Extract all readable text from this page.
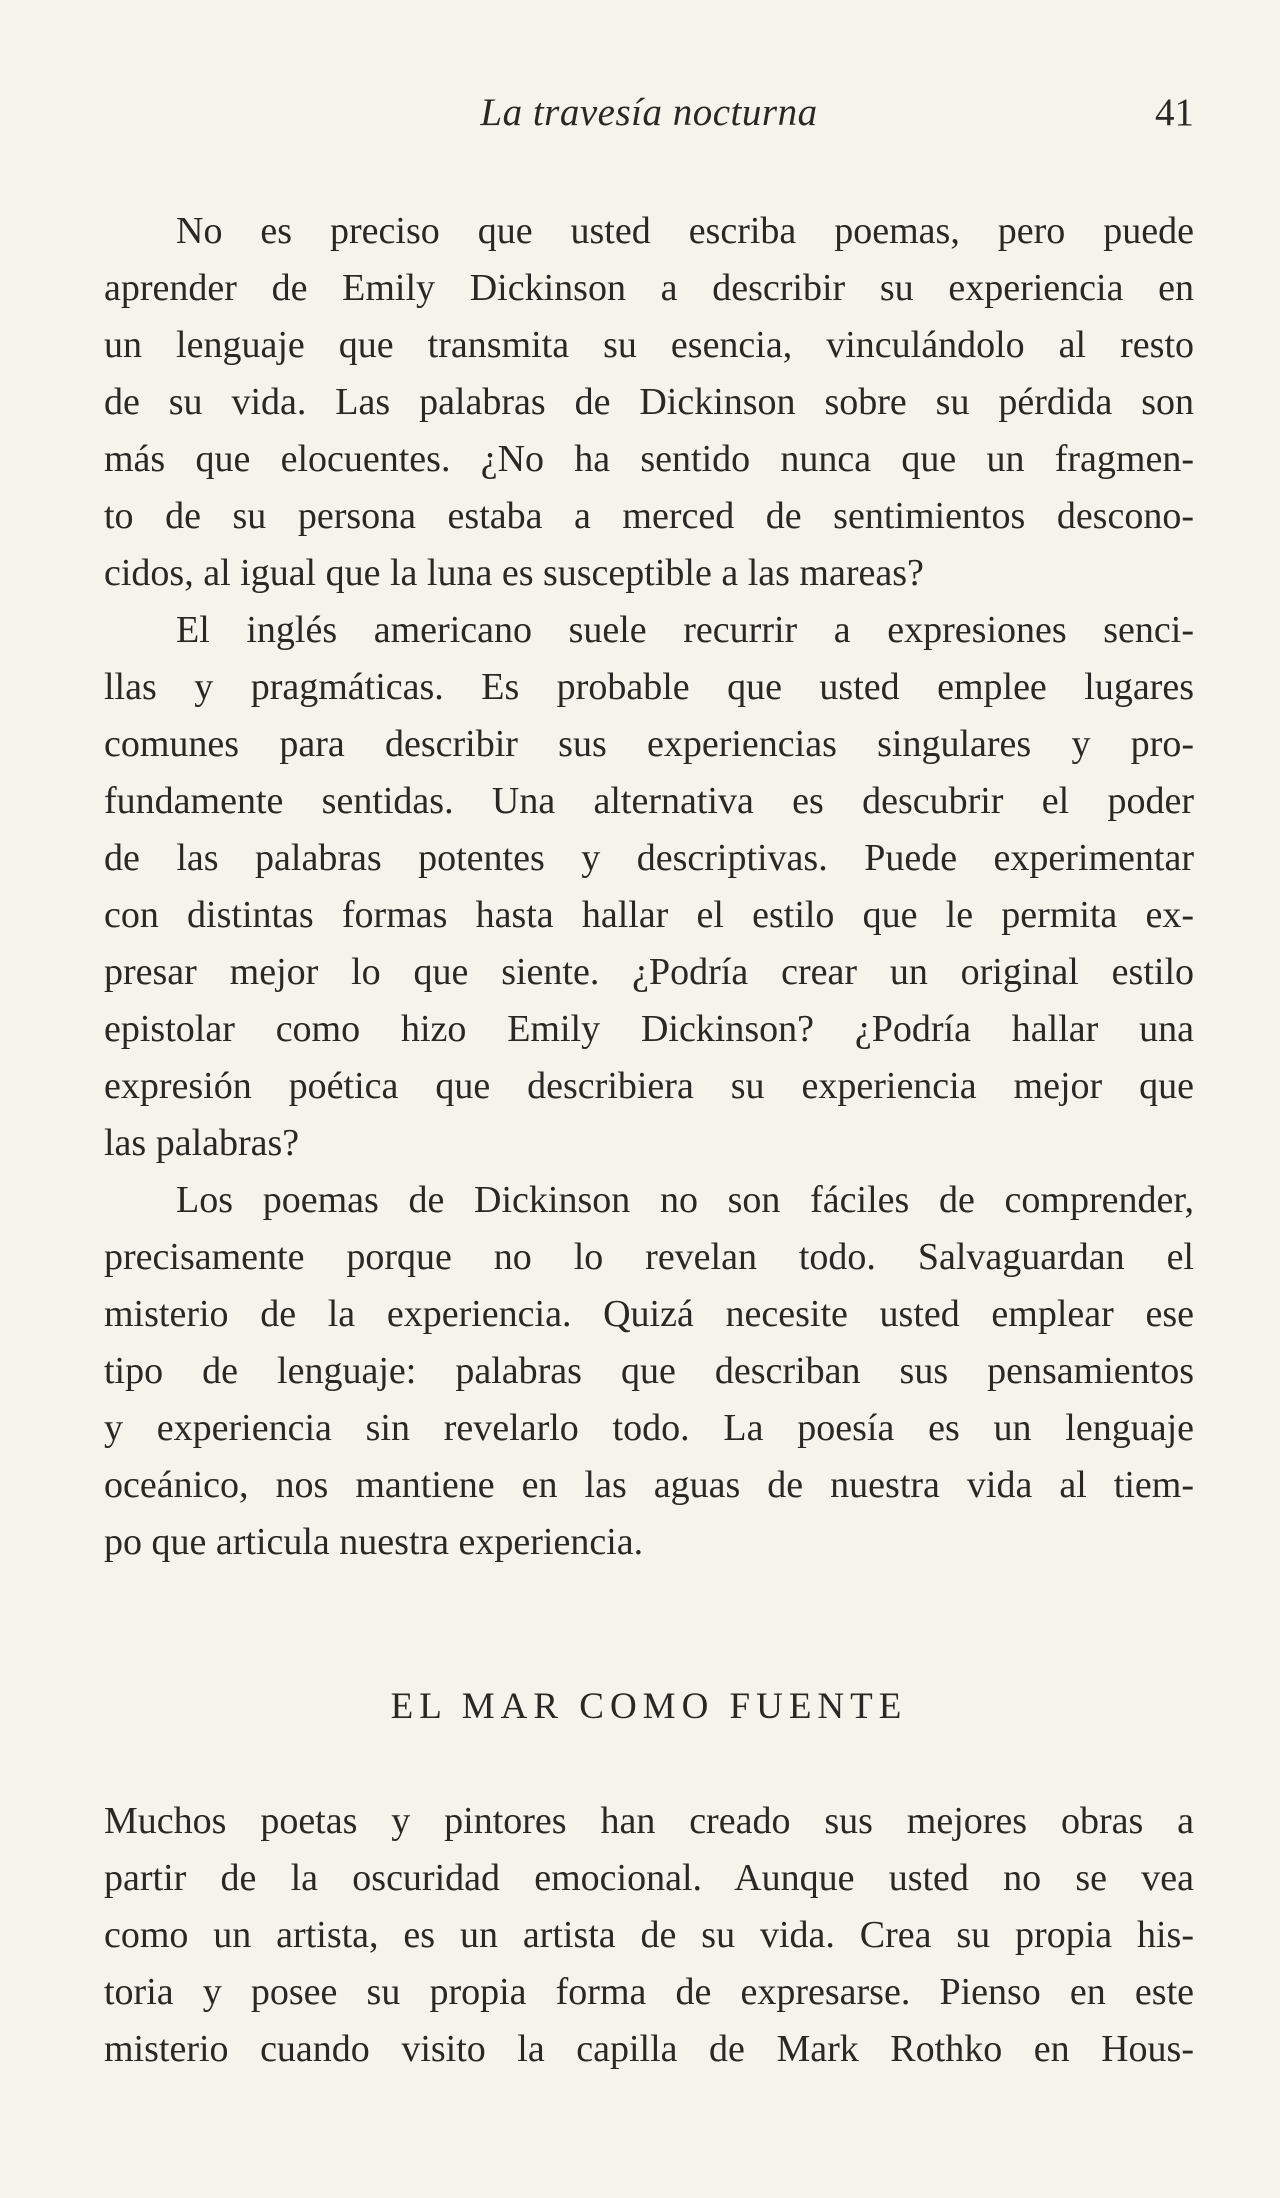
La travesía nocturna	41

No es preciso que usted escriba poemas, pero puede

aprender de Emily Dickinson a describir su experiencia en

un lenguaje que transmita su esencia, vinculándolo al resto

de su vida. Las palabras de Dickinson sobre su pérdida son

más que elocuentes. ¿No ha sentido nunca que un fragmen-

to de su persona estaba a merced de sentimientos descono-

cidos, al igual que la luna es susceptible a las mareas?

El inglés americano suele recurrir a expresiones senci-

llas y pragmáticas. Es probable que usted emplee lugares

comunes para describir sus experiencias singulares y pro-

fundamente sentidas. Una alternativa es descubrir el poder

de las palabras potentes y descriptivas. Puede experimentar

con distintas formas hasta hallar el estilo que le permita ex-

presar mejor lo que siente. ¿Podría crear un original estilo

epistolar como hizo Emily Dickinson? ¿Podría hallar una

expresión poética que describiera su experiencia mejor que

las palabras?

Los poemas de Dickinson no son fáciles de comprender,

precisamente porque no lo revelan todo. Salvaguardan el

misterio de la experiencia. Quizá necesite usted emplear ese

tipo de lenguaje: palabras que describan sus pensamientos

y experiencia sin revelarlo todo. La poesía es un lenguaje

oceánico, nos mantiene en las aguas de nuestra vida al tiem-

po que articula nuestra experiencia.

EL MAR COMO FUENTE

Muchos poetas y pintores han creado sus mejores obras a

partir de la oscuridad emocional. Aunque usted no se vea

como un artista, es un artista de su vida. Crea su propia his-

toria y posee su propia forma de expresarse. Pienso en este

misterio cuando visito la capilla de Mark Rothko en Hous-
